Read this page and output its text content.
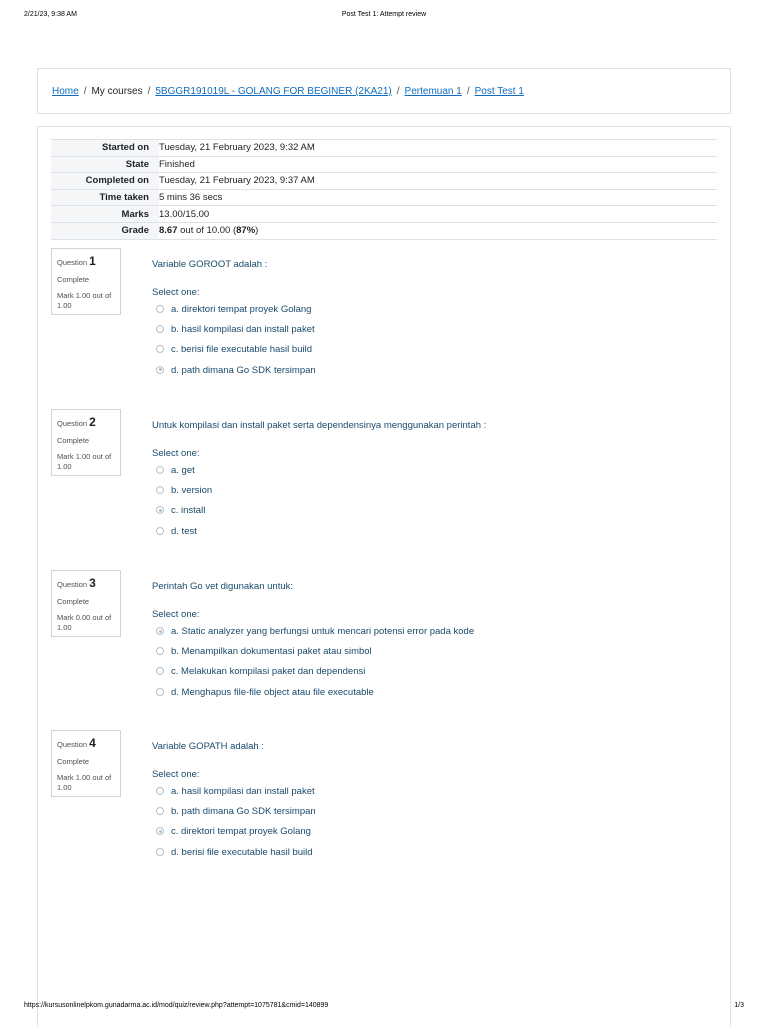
2/21/23, 9:38 AM	Post Test 1: Attempt review
Home / My courses / 5BGGR191019L - GOLANG FOR BEGINER (2KA21) / Pertemuan 1 / Post Test 1
Started on	Tuesday, 21 February 2023, 9:32 AM
State	Finished
Completed on	Tuesday, 21 February 2023, 9:37 AM
Time taken	5 mins 36 secs
Marks	13.00/15.00
Grade	8.67 out of 10.00 (87%)
Question 1
Complete
Mark 1.00 out of 1.00
Variable GOROOT adalah :
Select one:
a. direktori tempat proyek Golang
b. hasil kompilasi dan install paket
c. berisi file executable hasil build
d. path dimana Go SDK tersimpan
Question 2
Complete
Mark 1.00 out of 1.00
Untuk kompilasi dan install paket serta dependensinya menggunakan perintah :
Select one:
a. get
b. version
c. install
d. test
Question 3
Complete
Mark 0.00 out of 1.00
Perintah Go vet digunakan untuk:
Select one:
a. Static analyzer yang berfungsi untuk mencari potensi error pada kode
b. Menampilkan dokumentasi paket atau simbol
c. Melakukan kompilasi paket dan dependensi
d. Menghapus file-file object atau file executable
Question 4
Complete
Mark 1.00 out of 1.00
Variable GOPATH adalah :
Select one:
a. hasil kompilasi dan install paket
b. path dimana Go SDK tersimpan
c. direktori tempat proyek Golang
d. berisi file executable hasil build
https://kursusonlinelpkom.gunadarma.ac.id/mod/quiz/review.php?attempt=1075781&cmid=140899	1/3
